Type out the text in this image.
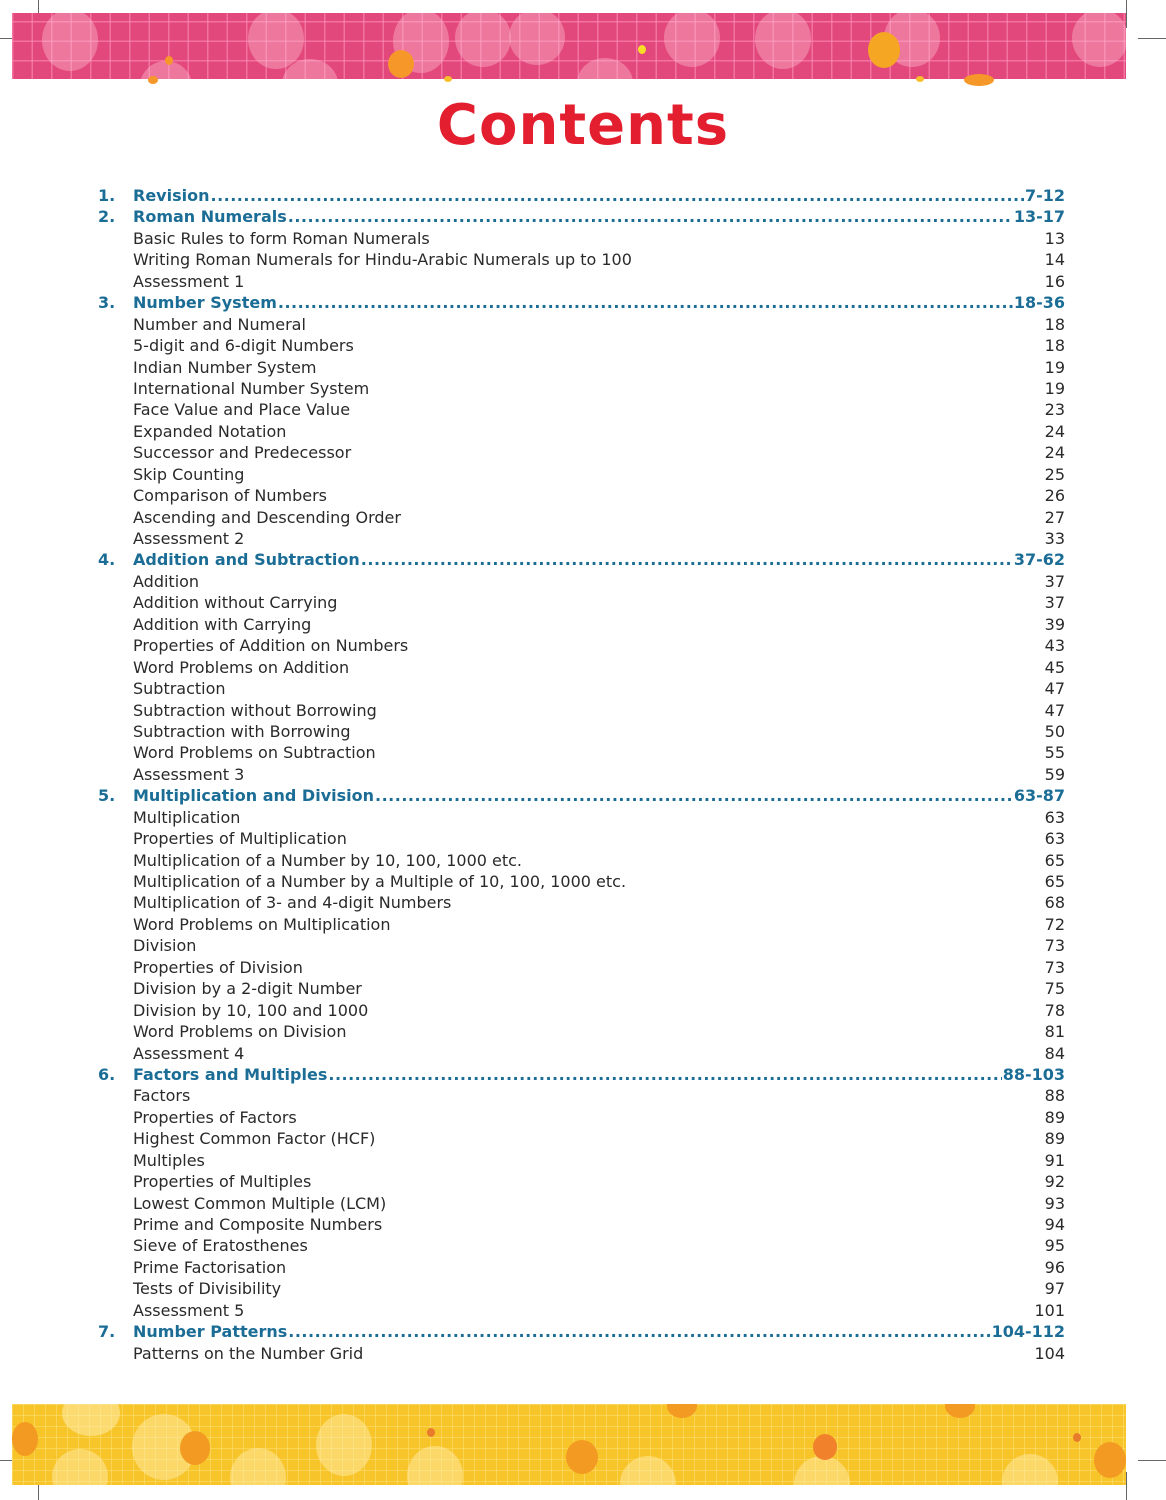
Contents
1.	Revision .....	7-12
2.	Roman Numerals .....	13-17
Basic Rules to form Roman Numerals	13
Writing Roman Numerals for Hindu-Arabic Numerals up to 100	14
Assessment 1	16
3.	Number System .....	18-36
Number and Numeral	18
5-digit and 6-digit Numbers	18
Indian Number System	19
International Number System	19
Face Value and Place Value	23
Expanded Notation	24
Successor and Predecessor	24
Skip Counting	25
Comparison of Numbers	26
Ascending and Descending Order	27
Assessment 2	33
4.	Addition and Subtraction .....	37-62
Addition	37
Addition without Carrying	37
Addition with Carrying	39
Properties of Addition on Numbers	43
Word Problems on Addition	45
Subtraction	47
Subtraction without Borrowing	47
Subtraction with Borrowing	50
Word Problems on Subtraction	55
Assessment 3	59
5.	Multiplication and Division .....	63-87
Multiplication	63
Properties of Multiplication	63
Multiplication of a Number by 10, 100, 1000 etc.	65
Multiplication of a Number by a Multiple of 10, 100, 1000 etc.	65
Multiplication of 3- and 4-digit Numbers	68
Word Problems on Multiplication	72
Division	73
Properties of Division	73
Division by a 2-digit Number	75
Division by 10, 100 and 1000	78
Word Problems on Division	81
Assessment 4	84
6.	Factors and Multiples .....	88-103
Factors	88
Properties of Factors	89
Highest Common Factor (HCF)	89
Multiples	91
Properties of Multiples	92
Lowest Common Multiple (LCM)	93
Prime and Composite Numbers	94
Sieve of Eratosthenes	95
Prime Factorisation	96
Tests of Divisibility	97
Assessment 5	101
7.	Number Patterns .....	104-112
Patterns on the Number Grid	104
